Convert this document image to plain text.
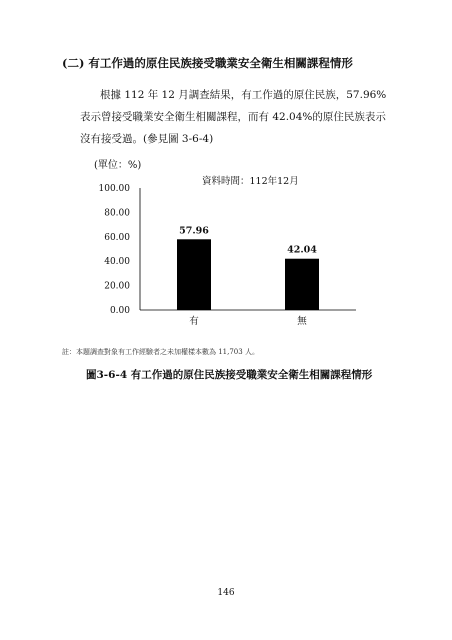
(二) 有工作過的原住民族接受職業安全衛生相關課程情形
根據 112 年 12 月調查結果，有工作過的原住民族，57.96%表示曾接受職業安全衛生相關課程，而有 42.04%的原住民族表示沒有接受過。(參見圖 3-6-4)
(單位：%)
資料時間：112年12月
100.00
80.00
60.00
40.00
20.00
0.00
57.96
42.04
有	無
註：本題調查對象有工作經驗者之未加權樣本數為 11,703 人。
圖3-6-4 有工作過的原住民族接受職業安全衛生相關課程情形
146
